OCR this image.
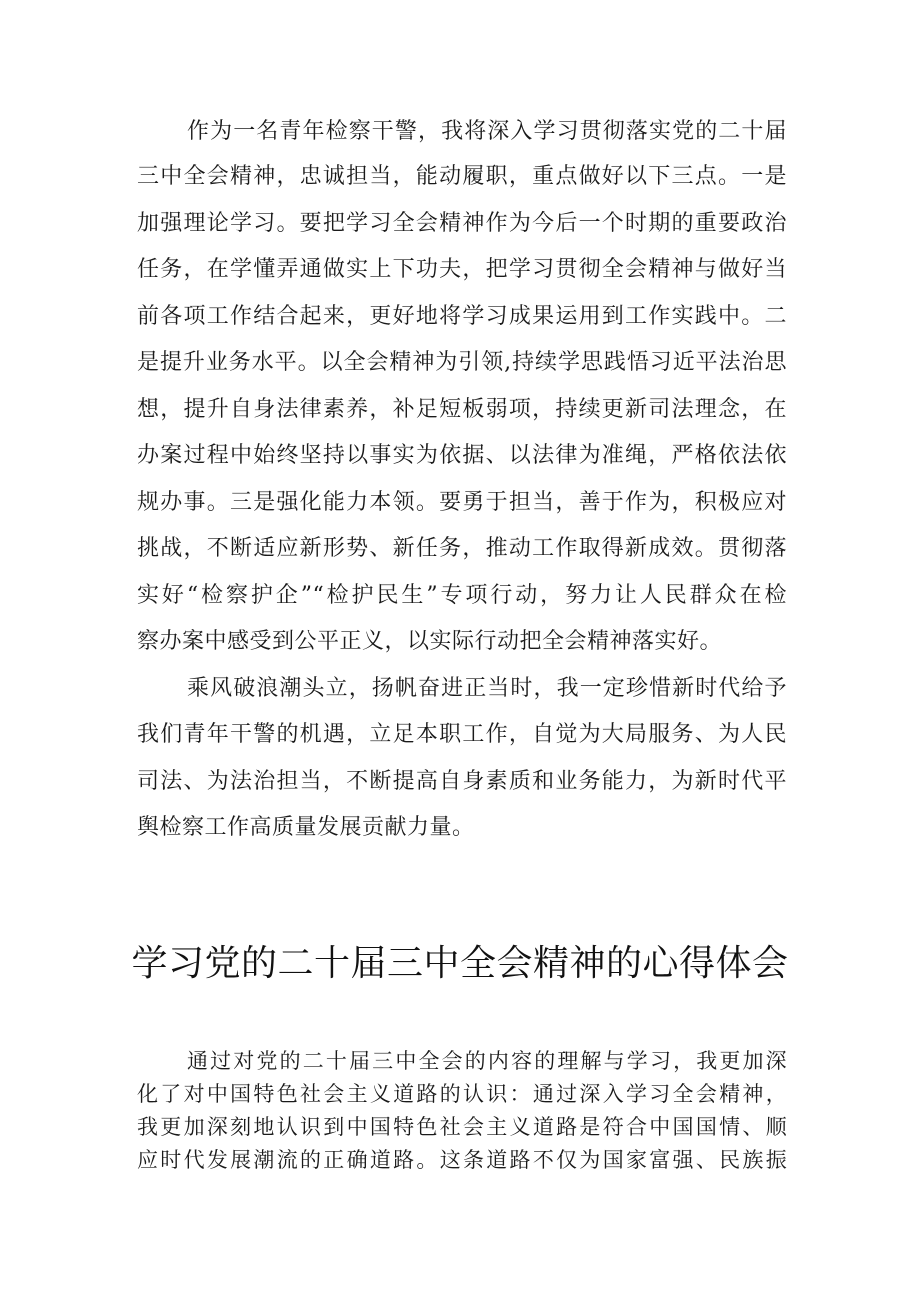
作为一名青年检察干警，我将深入学习贯彻落实党的二十届
三中全会精神，忠诚担当，能动履职，重点做好以下三点。一是
加强理论学习。要把学习全会精神作为今后一个时期的重要政治
任务，在学懂弄通做实上下功夫，把学习贯彻全会精神与做好当
前各项工作结合起来，更好地将学习成果运用到工作实践中。二
是提升业务水平。以全会精神为引领,持续学思践悟习近平法治思
想，提升自身法律素养，补足短板弱项，持续更新司法理念，在
办案过程中始终坚持以事实为依据、以法律为准绳，严格依法依
规办事。三是强化能力本领。要勇于担当，善于作为，积极应对
挑战，不断适应新形势、新任务，推动工作取得新成效。贯彻落
实好“检察护企”“检护民生”专项行动，努力让人民群众在检
察办案中感受到公平正义，以实际行动把全会精神落实好。
乘风破浪潮头立，扬帆奋进正当时，我一定珍惜新时代给予
我们青年干警的机遇，立足本职工作，自觉为大局服务、为人民
司法、为法治担当，不断提高自身素质和业务能力，为新时代平
舆检察工作高质量发展贡献力量。
学习党的二十届三中全会精神的心得体会
通过对党的二十届三中全会的内容的理解与学习，我更加深
化了对中国特色社会主义道路的认识：通过深入学习全会精神，
我更加深刻地认识到中国特色社会主义道路是符合中国国情、顺
应时代发展潮流的正确道路。这条道路不仅为国家富强、民族振
